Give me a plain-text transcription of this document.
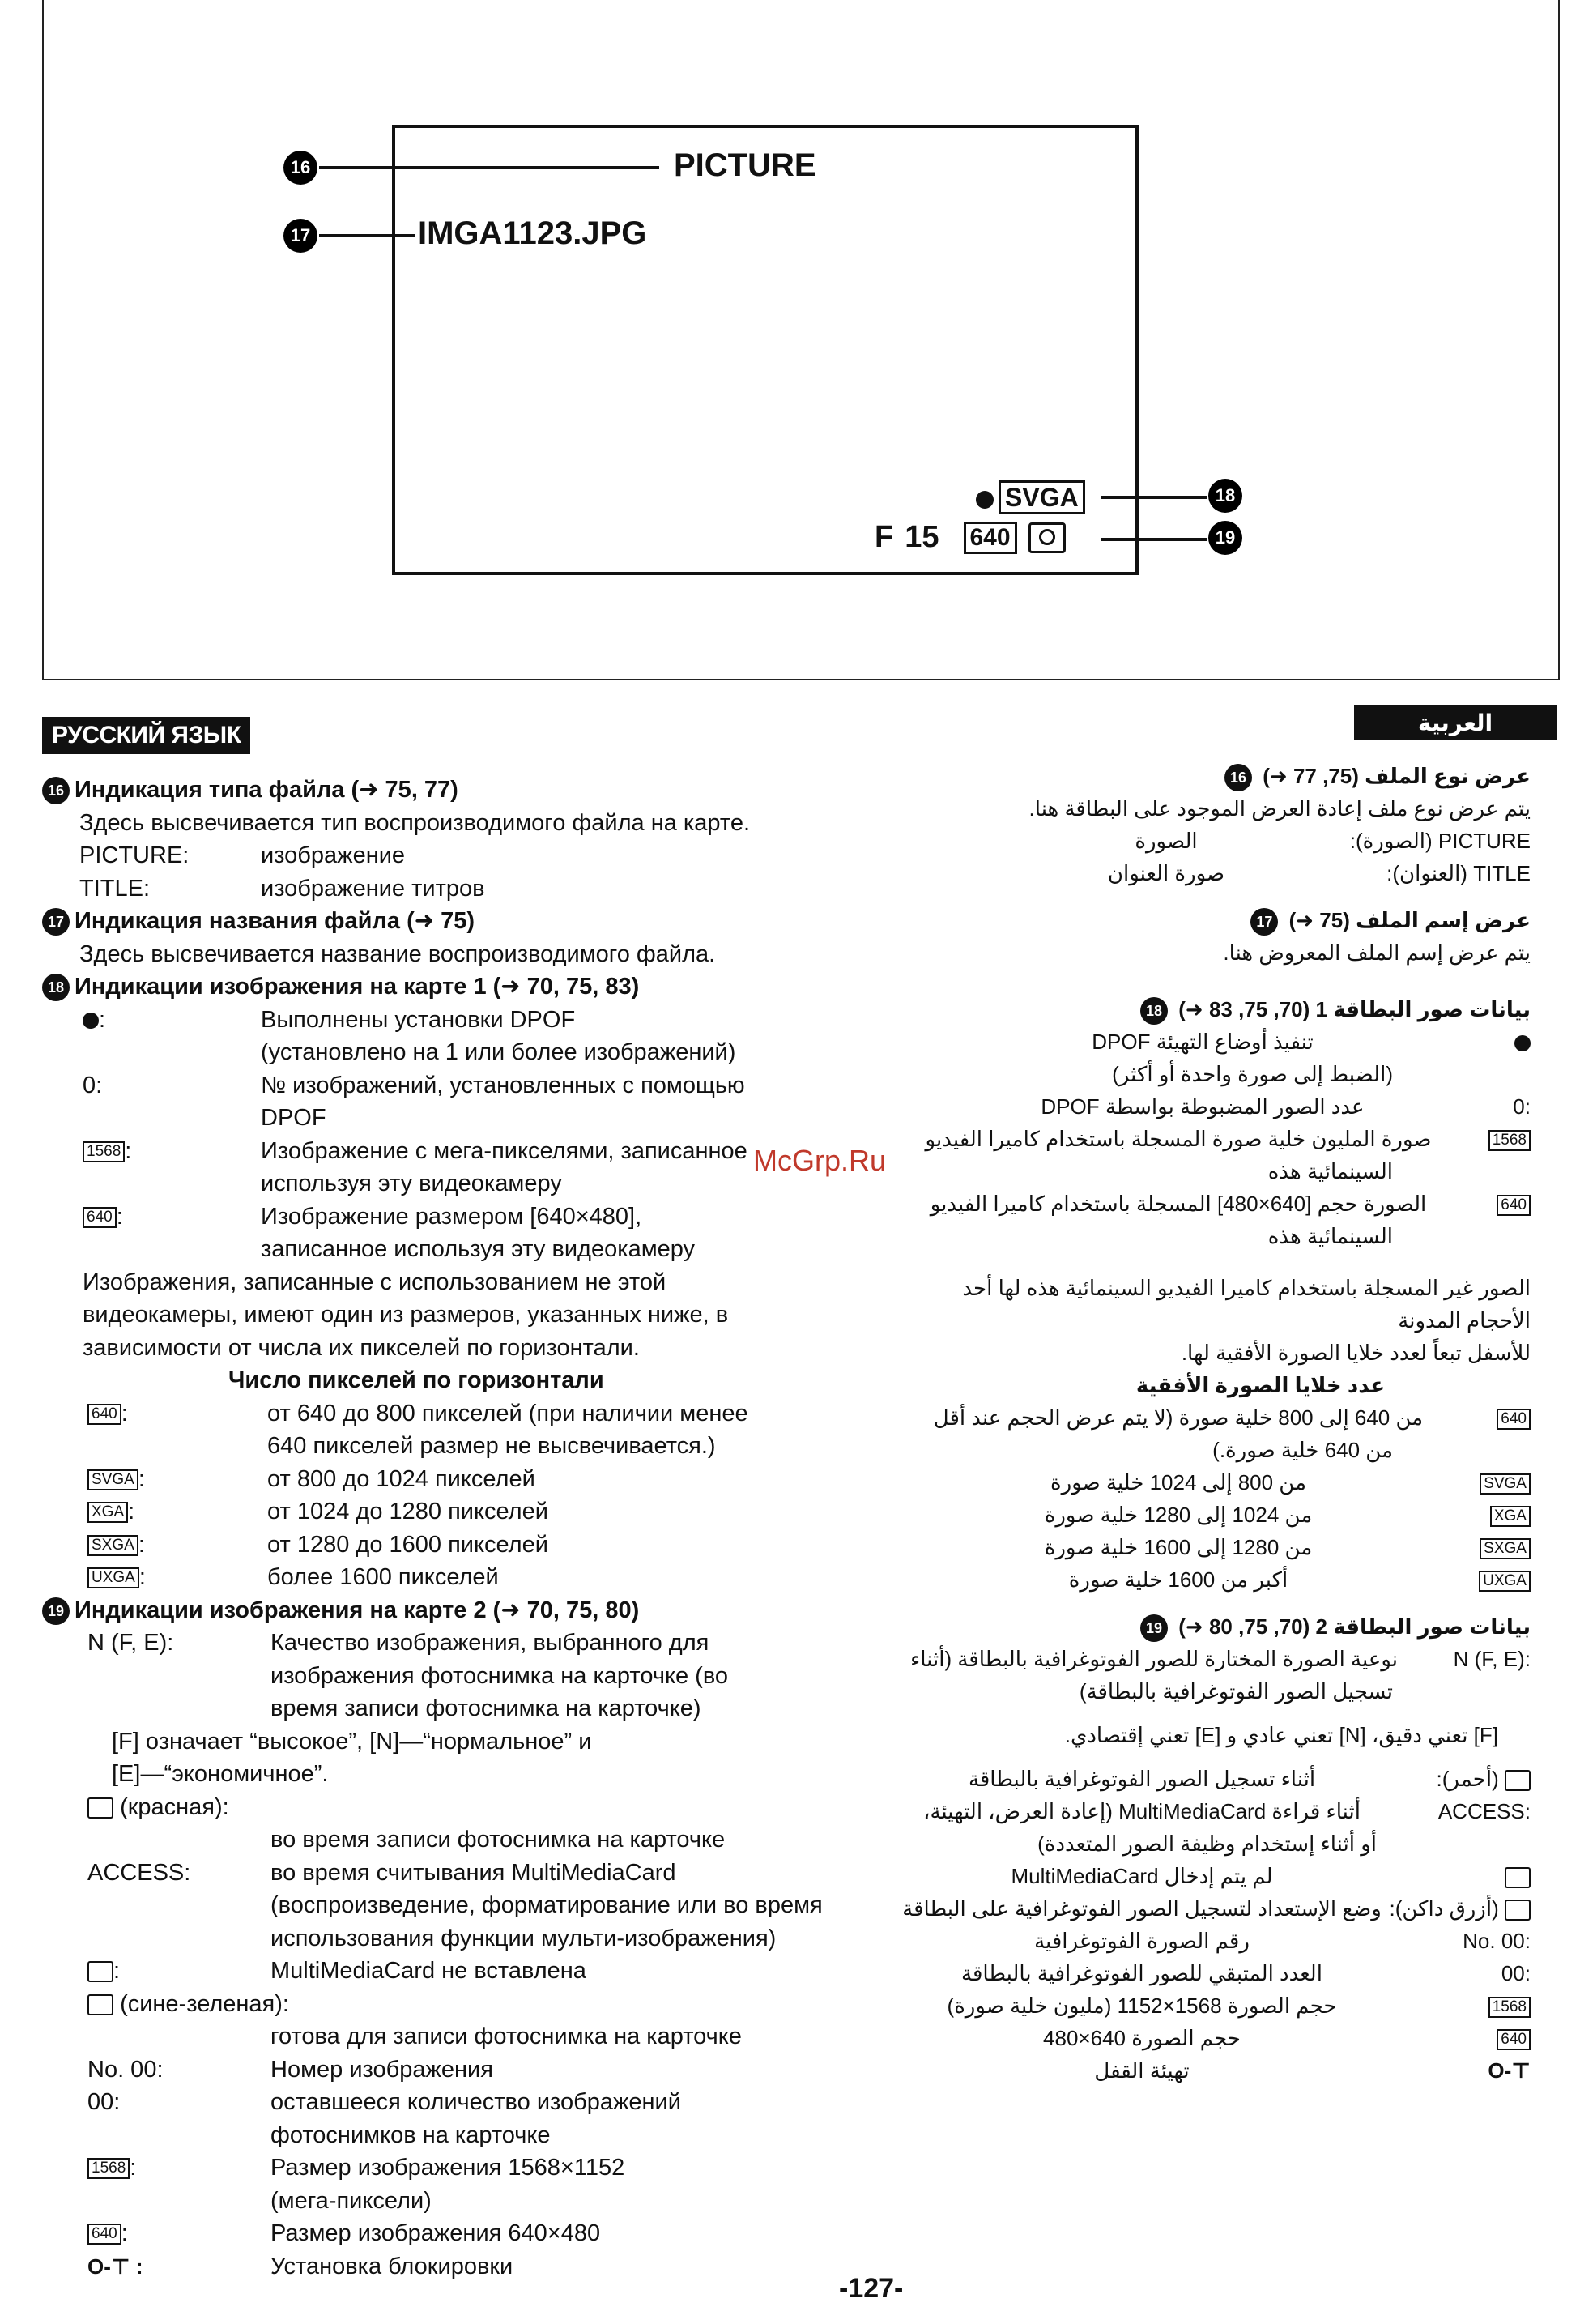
16	PICTURE
17	IMGA1123.JPG
SVGA	18
F 15 640	19
РУССКИЙ ЯЗЫК	العربية
16 Индикация типа файла (➜ 75, 77)
Здесь высвечивается тип воспроизводимого файла на карте.
PICTURE:	изображение
TITLE:	изображение титров
17 Индикация названия файла (➜ 75)
Здесь высвечивается название воспроизводимого файла.
18 Индикации изображения на карте 1 (➜ 70, 75, 83)
:	Выполнены установки DPOF
(установлено на 1 или более изображений)
0:	№ изображений, установленных с помощью
DPOF
1568 :	Изображение с мега-пикселями, записанное
используя эту видеокамеру
640 :	Изображение размером [640×480],
записанное используя эту видеокамеру
Изображения, записанные с использованием не этой
видеокамеры, имеют один из размеров, указанных ниже, в
зависимости от числа их пикселей по горизонтали.
Число пикселей по горизонтали
640 :	от 640 до 800 пикселей (при наличии менее
640 пикселей размер не высвечивается.)
SVGA :	от 800 до 1024 пикселей
XGA :	от 1024 до 1280 пикселей
SXGA :	от 1280 до 1600 пикселей
UXGA :	более 1600 пикселей
19 Индикации изображения на карте 2 (➜ 70, 75, 80)
N (F, E):	Качество изображения, выбранного для
изображения фотоснимка на карточке (во
время записи фотоснимка на карточке)
[F] означает “высокое”, [N]—“нормальное” и
[E]—“экономичное”.
(красная):
во время записи фотоснимка на карточке
ACCESS:	во время считывания MultiMediaCard
(воспроизведение, форматирование или во время
использования функции мульти-изображения)
:	MultiMediaCard не вставлена
(сине-зеленая):
готова для записи фотоснимка на карточке
No. 00:	Номер изображения
00:	оставшееся количество изображений
фотоснимков на карточке
1568 :	Размер изображения 1568×1152
(мега-пиксели)
640 :	Размер изображения 640×480
O-⊤ :	Установка блокировки
عرض نوع الملف (75, 77 ➜) 16
يتم عرض نوع ملف إعادة العرض الموجود على البطاقة هنا.
الصورة	PICTURE (الصورة):
صورة العنوان	TITLE (العنوان):
عرض إسم الملف (75 ➜) 17
يتم عرض إسم الملف المعروض هنا.
بيانات صور البطاقة 1 (70, 75, 83 ➜) 18
تنفيذ أوضاع التهيئة DPOF
(الضبط إلى صورة واحدة أو أكثر)
عدد الصور المضبوطة بواسطة DPOF	0:
صورة المليون خلية صورة المسجلة باستخدام كاميرا الفيديو	1568
السينمائية هذه
الصورة حجم [640×480] المسجلة باستخدام كاميرا الفيديو	640
السينمائية هذه
الصور غير المسجلة باستخدام كاميرا الفيديو السينمائية هذه لها أحد الأحجام المدونة
للأسفل تبعاً لعدد خلايا الصورة الأفقية لها.
عدد خلايا الصورة الأفقية
من 640 إلى 800 خلية صورة (لا يتم عرض الحجم عند أقل	640
من 640 خلية صورة.)
من 800 إلى 1024 خلية صورة	SVGA
من 1024 إلى 1280 خلية صورة	XGA
من 1280 إلى 1600 خلية صورة	SXGA
أكبر من 1600 خلية صورة	UXGA
بيانات صور البطاقة 2 (70, 75, 80 ➜) 19
نوعية الصورة المختارة للصور الفوتوغرافية بالبطاقة (أثناء	N (F, E):
تسجيل الصور الفوتوغرافية بالبطاقة)
[F] تعني دقيق، [N] تعني عادي و [E] تعني إقتصادي.
أثناء تسجيل الصور الفوتوغرافية بالبطاقة	(أحمر):
أثناء قراءة MultiMediaCard (إعادة العرض، التهيئة،	ACCESS:
أو أثناء إستخدام وظيفة الصور المتعددة)
لم يتم إدخال MultiMediaCard
وضع الإستعداد لتسجيل الصور الفوتوغرافية على البطاقة (أزرق داكن):
رقم الصورة الفوتوغرافية	No. 00:
العدد المتبقي للصور الفوتوغرافية بالبطاقة	00:
حجم الصورة 1568×1152 (مليون خلية صورة)	1568
حجم الصورة 640×480	640
تهيئة القفل	O-⊤
McGrp.Ru
-127-
